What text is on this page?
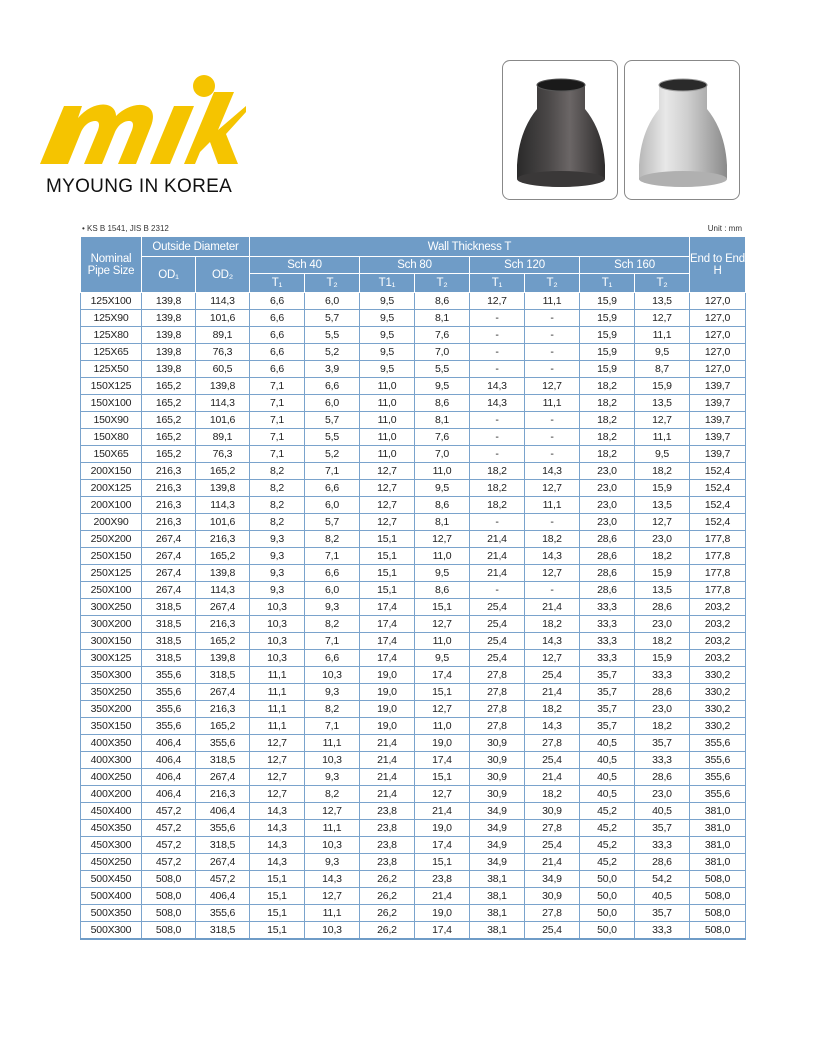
MYOUNG IN KOREA
• KS B 1541, JIS B 2312	Unit : mm
Nominal Pipe Size	Outside Diameter		Wall Thickness T								End to End H
	OD₁	OD₂	Sch 40		Sch 80		Sch 120		Sch 160		
			T₁	T₂	T1₁	T₂	T₁	T₂	T₁	T₂	
125X100	139,8	114,3	6,6	6,0	9,5	8,6	12,7	11,1	15,9	13,5	127,0
125X90	139,8	101,6	6,6	5,7	9,5	8,1	-	-	15,9	12,7	127,0
125X80	139,8	89,1	6,6	5,5	9,5	7,6	-	-	15,9	11,1	127,0
125X65	139,8	76,3	6,6	5,2	9,5	7,0	-	-	15,9	9,5	127,0
125X50	139,8	60,5	6,6	3,9	9,5	5,5	-	-	15,9	8,7	127,0
150X125	165,2	139,8	7,1	6,6	11,0	9,5	14,3	12,7	18,2	15,9	139,7
150X100	165,2	114,3	7,1	6,0	11,0	8,6	14,3	11,1	18,2	13,5	139,7
150X90	165,2	101,6	7,1	5,7	11,0	8,1	-	-	18,2	12,7	139,7
150X80	165,2	89,1	7,1	5,5	11,0	7,6	-	-	18,2	11,1	139,7
150X65	165,2	76,3	7,1	5,2	11,0	7,0	-	-	18,2	9,5	139,7
200X150	216,3	165,2	8,2	7,1	12,7	11,0	18,2	14,3	23,0	18,2	152,4
200X125	216,3	139,8	8,2	6,6	12,7	9,5	18,2	12,7	23,0	15,9	152,4
200X100	216,3	114,3	8,2	6,0	12,7	8,6	18,2	11,1	23,0	13,5	152,4
200X90	216,3	101,6	8,2	5,7	12,7	8,1	-	-	23,0	12,7	152,4
250X200	267,4	216,3	9,3	8,2	15,1	12,7	21,4	18,2	28,6	23,0	177,8
250X150	267,4	165,2	9,3	7,1	15,1	11,0	21,4	14,3	28,6	18,2	177,8
250X125	267,4	139,8	9,3	6,6	15,1	9,5	21,4	12,7	28,6	15,9	177,8
250X100	267,4	114,3	9,3	6,0	15,1	8,6	-	-	28,6	13,5	177,8
300X250	318,5	267,4	10,3	9,3	17,4	15,1	25,4	21,4	33,3	28,6	203,2
300X200	318,5	216,3	10,3	8,2	17,4	12,7	25,4	18,2	33,3	23,0	203,2
300X150	318,5	165,2	10,3	7,1	17,4	11,0	25,4	14,3	33,3	18,2	203,2
300X125	318,5	139,8	10,3	6,6	17,4	9,5	25,4	12,7	33,3	15,9	203,2
350X300	355,6	318,5	11,1	10,3	19,0	17,4	27,8	25,4	35,7	33,3	330,2
350X250	355,6	267,4	11,1	9,3	19,0	15,1	27,8	21,4	35,7	28,6	330,2
350X200	355,6	216,3	11,1	8,2	19,0	12,7	27,8	18,2	35,7	23,0	330,2
350X150	355,6	165,2	11,1	7,1	19,0	11,0	27,8	14,3	35,7	18,2	330,2
400X350	406,4	355,6	12,7	11,1	21,4	19,0	30,9	27,8	40,5	35,7	355,6
400X300	406,4	318,5	12,7	10,3	21,4	17,4	30,9	25,4	40,5	33,3	355,6
400X250	406,4	267,4	12,7	9,3	21,4	15,1	30,9	21,4	40,5	28,6	355,6
400X200	406,4	216,3	12,7	8,2	21,4	12,7	30,9	18,2	40,5	23,0	355,6
450X400	457,2	406,4	14,3	12,7	23,8	21,4	34,9	30,9	45,2	40,5	381,0
450X350	457,2	355,6	14,3	11,1	23,8	19,0	34,9	27,8	45,2	35,7	381,0
450X300	457,2	318,5	14,3	10,3	23,8	17,4	34,9	25,4	45,2	33,3	381,0
450X250	457,2	267,4	14,3	9,3	23,8	15,1	34,9	21,4	45,2	28,6	381,0
500X450	508,0	457,2	15,1	14,3	26,2	23,8	38,1	34,9	50,0	54,2	508,0
500X400	508,0	406,4	15,1	12,7	26,2	21,4	38,1	30,9	50,0	40,5	508,0
500X350	508,0	355,6	15,1	11,1	26,2	19,0	38,1	27,8	50,0	35,7	508,0
500X300	508,0	318,5	15,1	10,3	26,2	17,4	38,1	25,4	50,0	33,3	508,0
